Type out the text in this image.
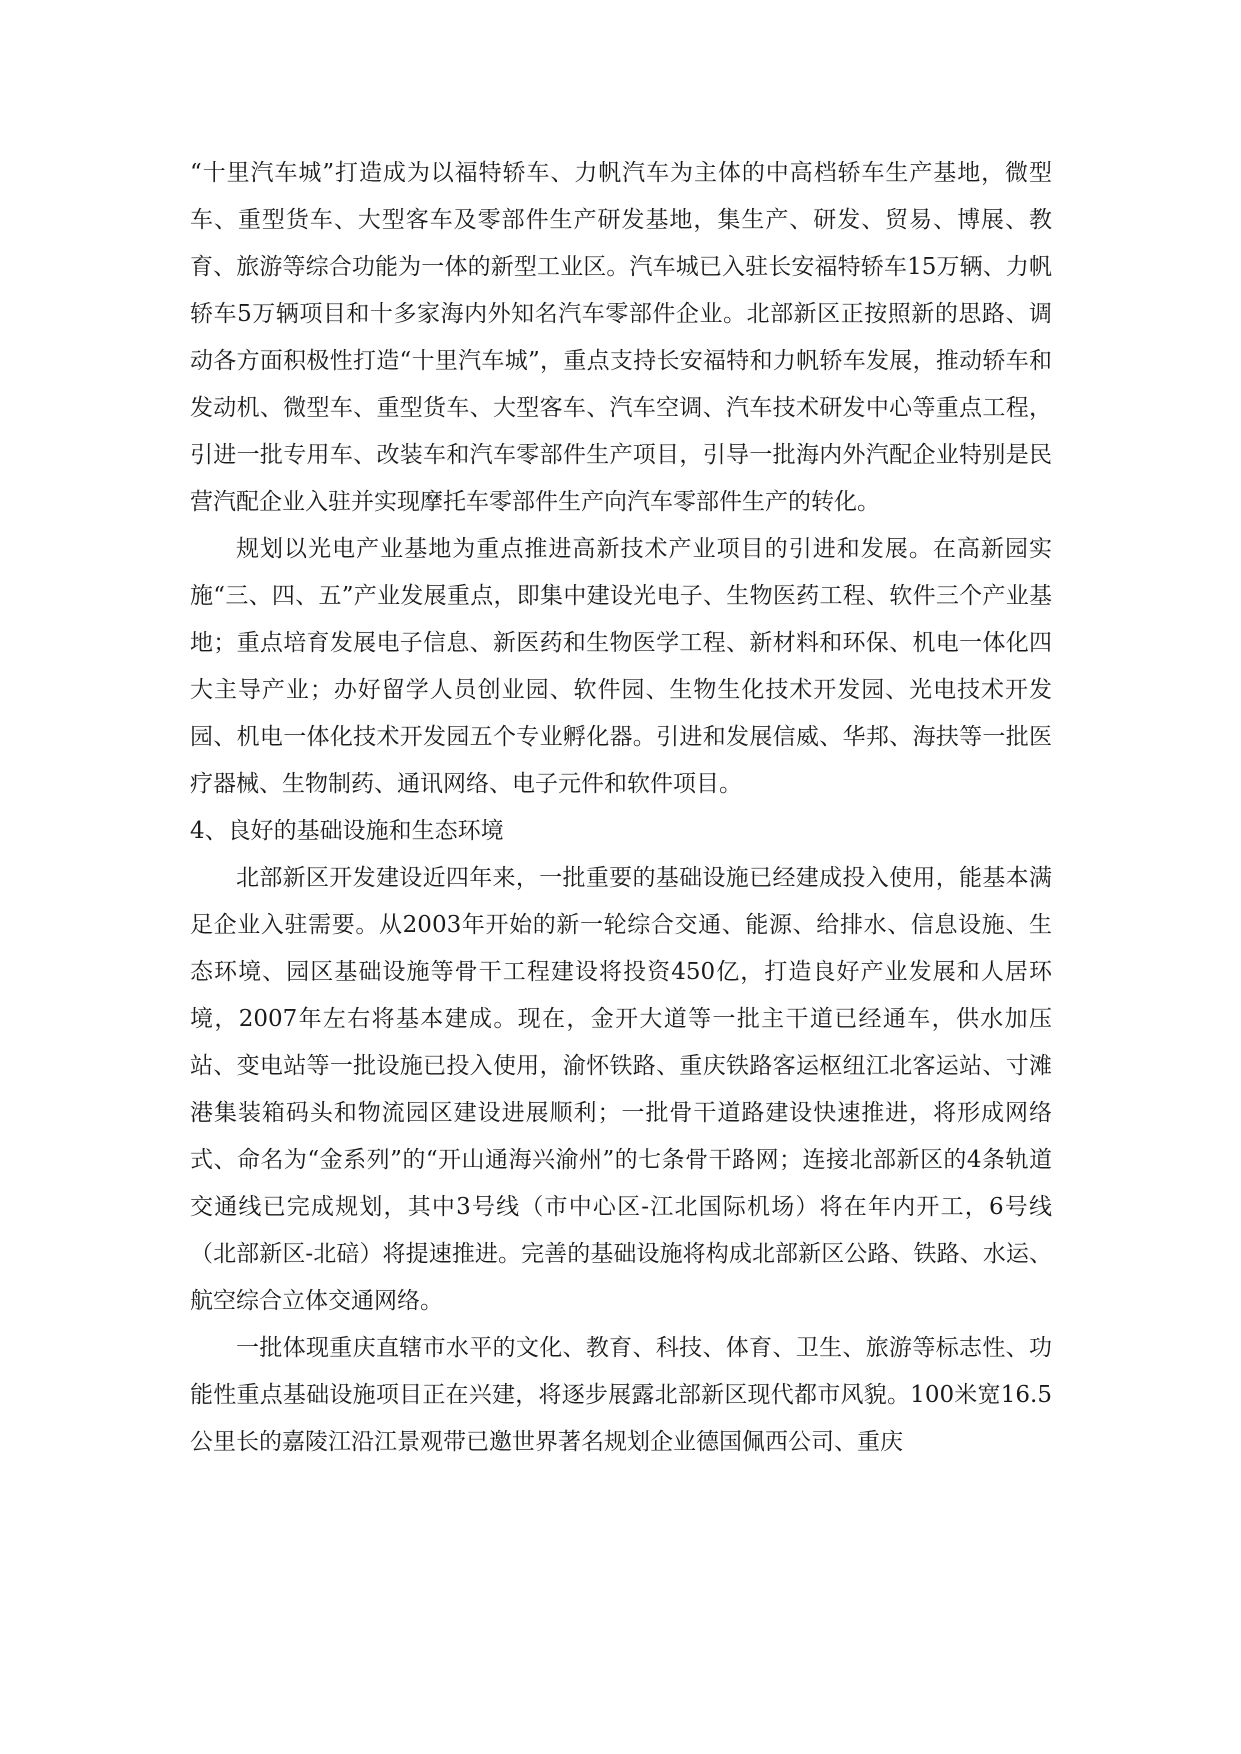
“十里汽车城”打造成为以福特轿车、力帆汽车为主体的中高档轿车生产基地，微型车、重型货车、大型客车及零部件生产研发基地，集生产、研发、贸易、博展、教育、旅游等综合功能为一体的新型工业区。汽车城已入驻长安福特轿车15万辆、力帆轿车5万辆项目和十多家海内外知名汽车零部件企业。北部新区正按照新的思路、调动各方面积极性打造“十里汽车城”，重点支持长安福特和力帆轿车发展，推动轿车和发动机、微型车、重型货车、大型客车、汽车空调、汽车技术研发中心等重点工程，引进一批专用车、改装车和汽车零部件生产项目，引导一批海内外汽配企业特别是民营汽配企业入驻并实现摩托车零部件生产向汽车零部件生产的转化。

规划以光电产业基地为重点推进高新技术产业项目的引进和发展。在高新园实施“三、四、五”产业发展重点，即集中建设光电子、生物医药工程、软件三个产业基地；重点培育发展电子信息、新医药和生物医学工程、新材料和环保、机电一体化四大主导产业；办好留学人员创业园、软件园、生物生化技术开发园、光电技术开发园、机电一体化技术开发园五个专业孵化器。引进和发展信威、华邦、海扶等一批医疗器械、生物制药、通讯网络、电子元件和软件项目。

4、良好的基础设施和生态环境

北部新区开发建设近四年来，一批重要的基础设施已经建成投入使用，能基本满足企业入驻需要。从2003年开始的新一轮综合交通、能源、给排水、信息设施、生态环境、园区基础设施等骨干工程建设将投资450亿，打造良好产业发展和人居环境，2007年左右将基本建成。现在，金开大道等一批主干道已经通车，供水加压站、变电站等一批设施已投入使用，渝怀铁路、重庆铁路客运枢纽江北客运站、寸滩港集装箱码头和物流园区建设进展顺利；一批骨干道路建设快速推进，将形成网络式、命名为“金系列”的“开山通海兴渝州”的七条骨干路网；连接北部新区的4条轨道交通线已完成规划，其中3号线（市中心区-江北国际机场）将在年内开工，6号线（北部新区-北碚）将提速推进。完善的基础设施将构成北部新区公路、铁路、水运、航空综合立体交通网络。

一批体现重庆直辖市水平的文化、教育、科技、体育、卫生、旅游等标志性、功能性重点基础设施项目正在兴建，将逐步展露北部新区现代都市风貌。100米宽16.5公里长的嘉陵江沿江景观带已邀世界著名规划企业德国佩西公司、重庆
